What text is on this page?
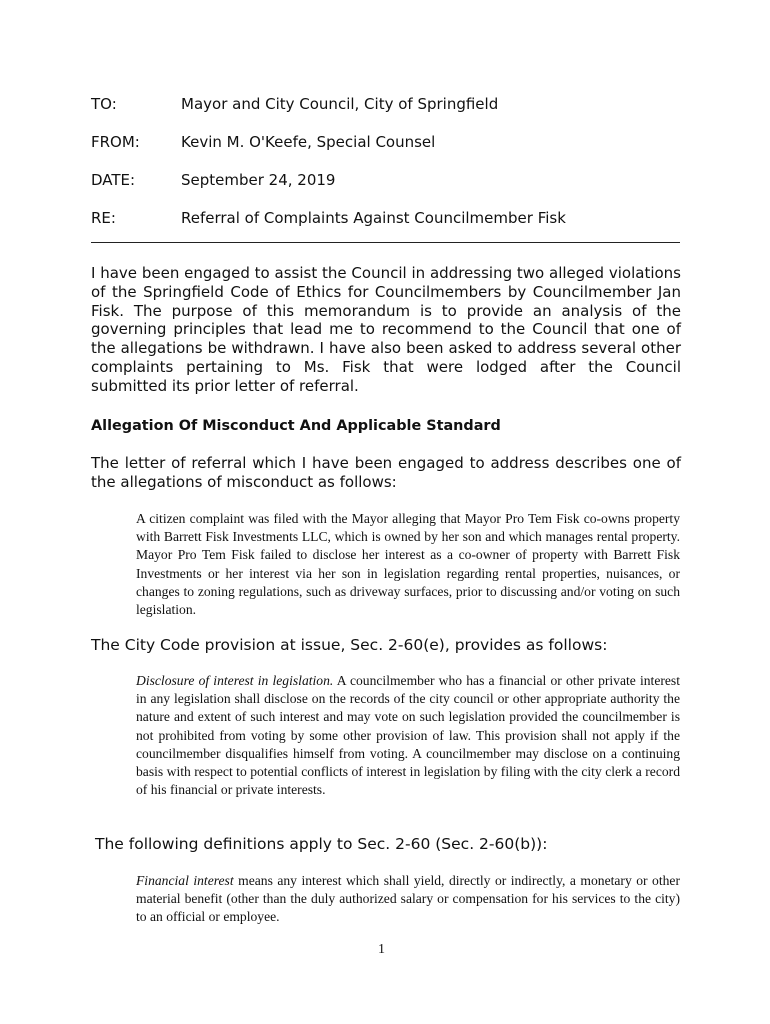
TO:	Mayor and City Council, City of Springfield
FROM:	Kevin M. O'Keefe, Special Counsel
DATE:	September 24, 2019
RE:	Referral of Complaints Against Councilmember Fisk

I have been engaged to assist the Council in addressing two alleged violations of the Springfield Code of Ethics for Councilmembers by Councilmember Jan Fisk. The purpose of this memorandum is to provide an analysis of the governing principles that lead me to recommend to the Council that one of the allegations be withdrawn. I have also been asked to address several other complaints pertaining to Ms. Fisk that were lodged after the Council submitted its prior letter of referral.

Allegation Of Misconduct And Applicable Standard

The letter of referral which I have been engaged to address describes one of the allegations of misconduct as follows:

A citizen complaint was filed with the Mayor alleging that Mayor Pro Tem Fisk co-owns property with Barrett Fisk Investments LLC, which is owned by her son and which manages rental property. Mayor Pro Tem Fisk failed to disclose her interest as a co-owner of property with Barrett Fisk Investments or her interest via her son in legislation regarding rental properties, nuisances, or changes to zoning regulations, such as driveway surfaces, prior to discussing and/or voting on such legislation.

The City Code provision at issue, Sec. 2-60(e), provides as follows:

Disclosure of interest in legislation. A councilmember who has a financial or other private interest in any legislation shall disclose on the records of the city council or other appropriate authority the nature and extent of such interest and may vote on such legislation provided the councilmember is not prohibited from voting by some other provision of law. This provision shall not apply if the councilmember disqualifies himself from voting. A councilmember may disclose on a continuing basis with respect to potential conflicts of interest in legislation by filing with the city clerk a record of his financial or private interests.

The following definitions apply to Sec. 2-60 (Sec. 2-60(b)):

Financial interest means any interest which shall yield, directly or indirectly, a monetary or other material benefit (other than the duly authorized salary or compensation for his services to the city) to an official or employee.

1
